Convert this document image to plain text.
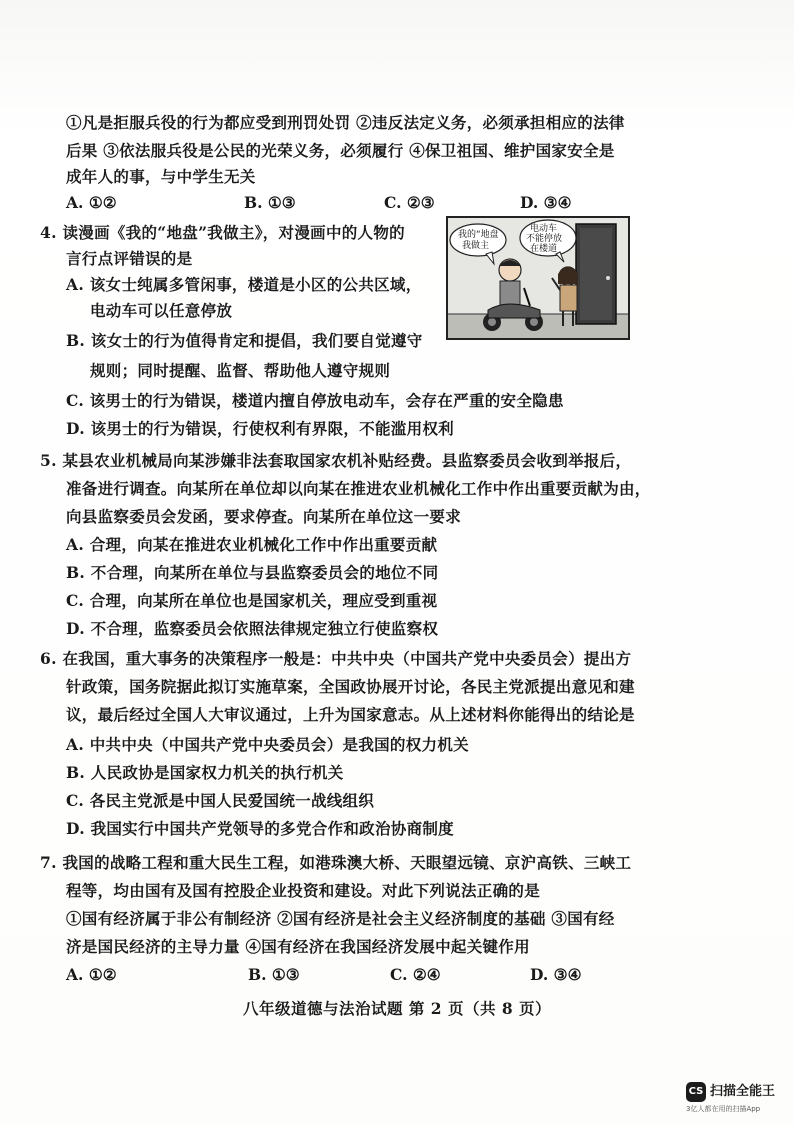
①凡是拒服兵役的行为都应受到刑罚处罚 ②违反法定义务，必须承担相应的法律
后果 ③依法服兵役是公民的光荣义务，必须履行 ④保卫祖国、维护国家安全是
成年人的事，与中学生无关
A. ①②	B. ①③	C. ②③	D. ③④
4. 读漫画《我的“地盘”我做主》，对漫画中的人物的
言行点评错误的是
A. 该女士纯属多管闲事，楼道是小区的公共区域，
电动车可以任意停放
B. 该女士的行为值得肯定和提倡，我们要自觉遵守
规则；同时提醒、监督、帮助他人遵守规则
C. 该男士的行为错误，楼道内擅自停放电动车，会存在严重的安全隐患
D. 该男士的行为错误，行使权利有界限，不能滥用权利
我的“地盘
我做主
电动车
不能停放
在楼道
5. 某县农业机械局向某涉嫌非法套取国家农机补贴经费。县监察委员会收到举报后，
准备进行调查。向某所在单位却以向某在推进农业机械化工作中作出重要贡献为由，
向县监察委员会发函，要求停查。向某所在单位这一要求
A. 合理，向某在推进农业机械化工作中作出重要贡献
B. 不合理，向某所在单位与县监察委员会的地位不同
C. 合理，向某所在单位也是国家机关，理应受到重视
D. 不合理，监察委员会依照法律规定独立行使监察权
6. 在我国，重大事务的决策程序一般是：中共中央（中国共产党中央委员会）提出方
针政策，国务院据此拟订实施草案，全国政协展开讨论，各民主党派提出意见和建
议，最后经过全国人大审议通过，上升为国家意志。从上述材料你能得出的结论是
A. 中共中央（中国共产党中央委员会）是我国的权力机关
B. 人民政协是国家权力机关的执行机关
C. 各民主党派是中国人民爱国统一战线组织
D. 我国实行中国共产党领导的多党合作和政治协商制度
7. 我国的战略工程和重大民生工程，如港珠澳大桥、天眼望远镜、京沪高铁、三峡工
程等，均由国有及国有控股企业投资和建设。对此下列说法正确的是
①国有经济属于非公有制经济 ②国有经济是社会主义经济制度的基础 ③国有经
济是国民经济的主导力量 ④国有经济在我国经济发展中起关键作用
A. ①②	B. ①③	C. ②④	D. ③④
八年级道德与法治试题 第 2 页（共 8 页）
CS 扫描全能王
3亿人都在用的扫描App
